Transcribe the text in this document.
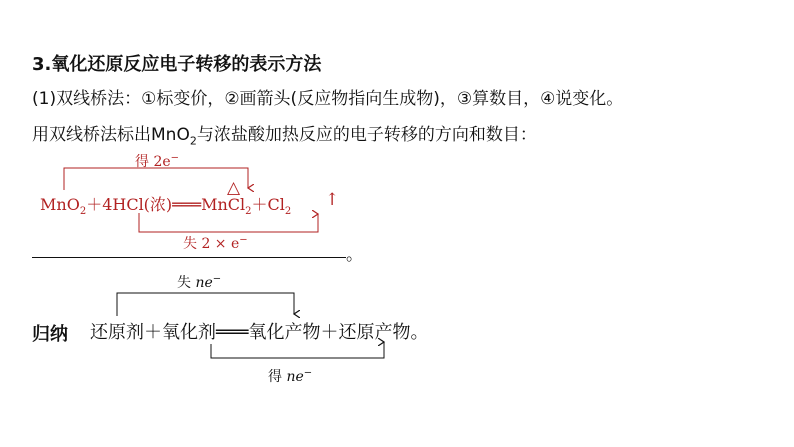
3.氧化还原反应电子转移的表示方法
(1)双线桥法：①标变价，②画箭头(反应物指向生成物)，③算数目，④说变化。
用双线桥法标出MnO$_2$与浓盐酸加热反应的电子转移的方向和数目：
得 2e−
△
MnO$_2$＋4HCl(浓)$═══MnCl_2+Cl_2$
↑
失 2 × e−
。
归纳
失 ne−
还原剂＋氧化剂═══氧化产物＋还原产物。
得 ne−
